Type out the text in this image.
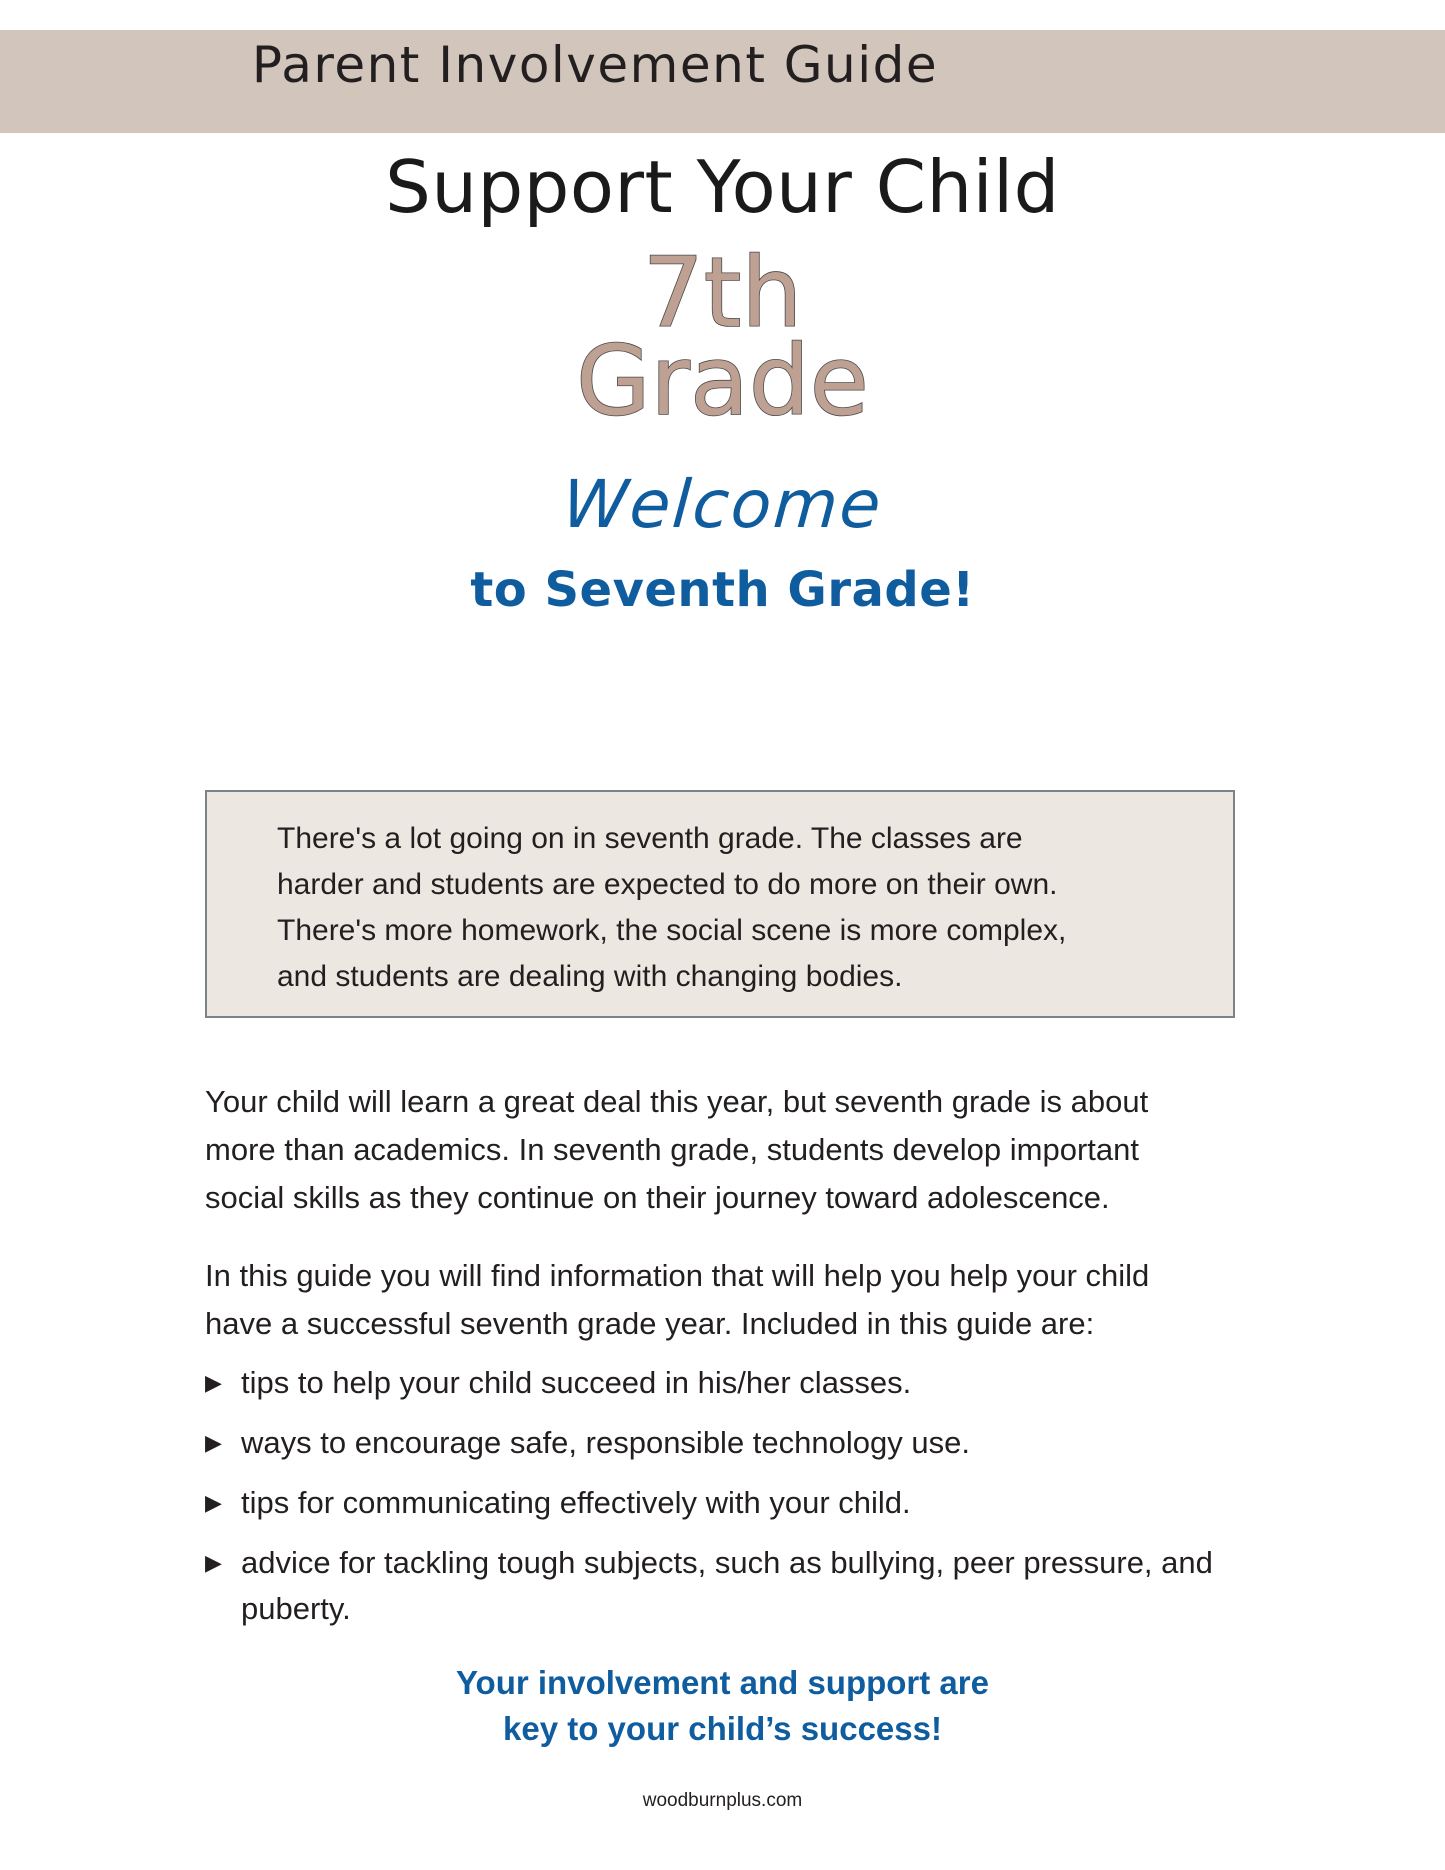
Parent Involvement Guide
Support Your Child
7th
Grade
Welcome
to Seventh Grade!

There's a lot going on in seventh grade. The classes are

harder and students are expected to do more on their own.

There's more homework, the social scene is more complex,

and students are dealing with changing bodies.

Your child will learn a great deal this year, but seventh grade is about more than academics. In seventh grade, students develop important social skills as they continue on their journey toward adolescence.

In this guide you will find information that will help you help your child have a successful seventh grade year. Included in this guide are:

▶ tips to help your child succeed in his/her classes.
▶ ways to encourage safe, responsible technology use.
▶ tips for communicating effectively with your child.
▶ advice for tackling tough subjects, such as bullying, peer pressure, and puberty.
Your involvement and support are
key to your child’s success!
woodburnplus.com
